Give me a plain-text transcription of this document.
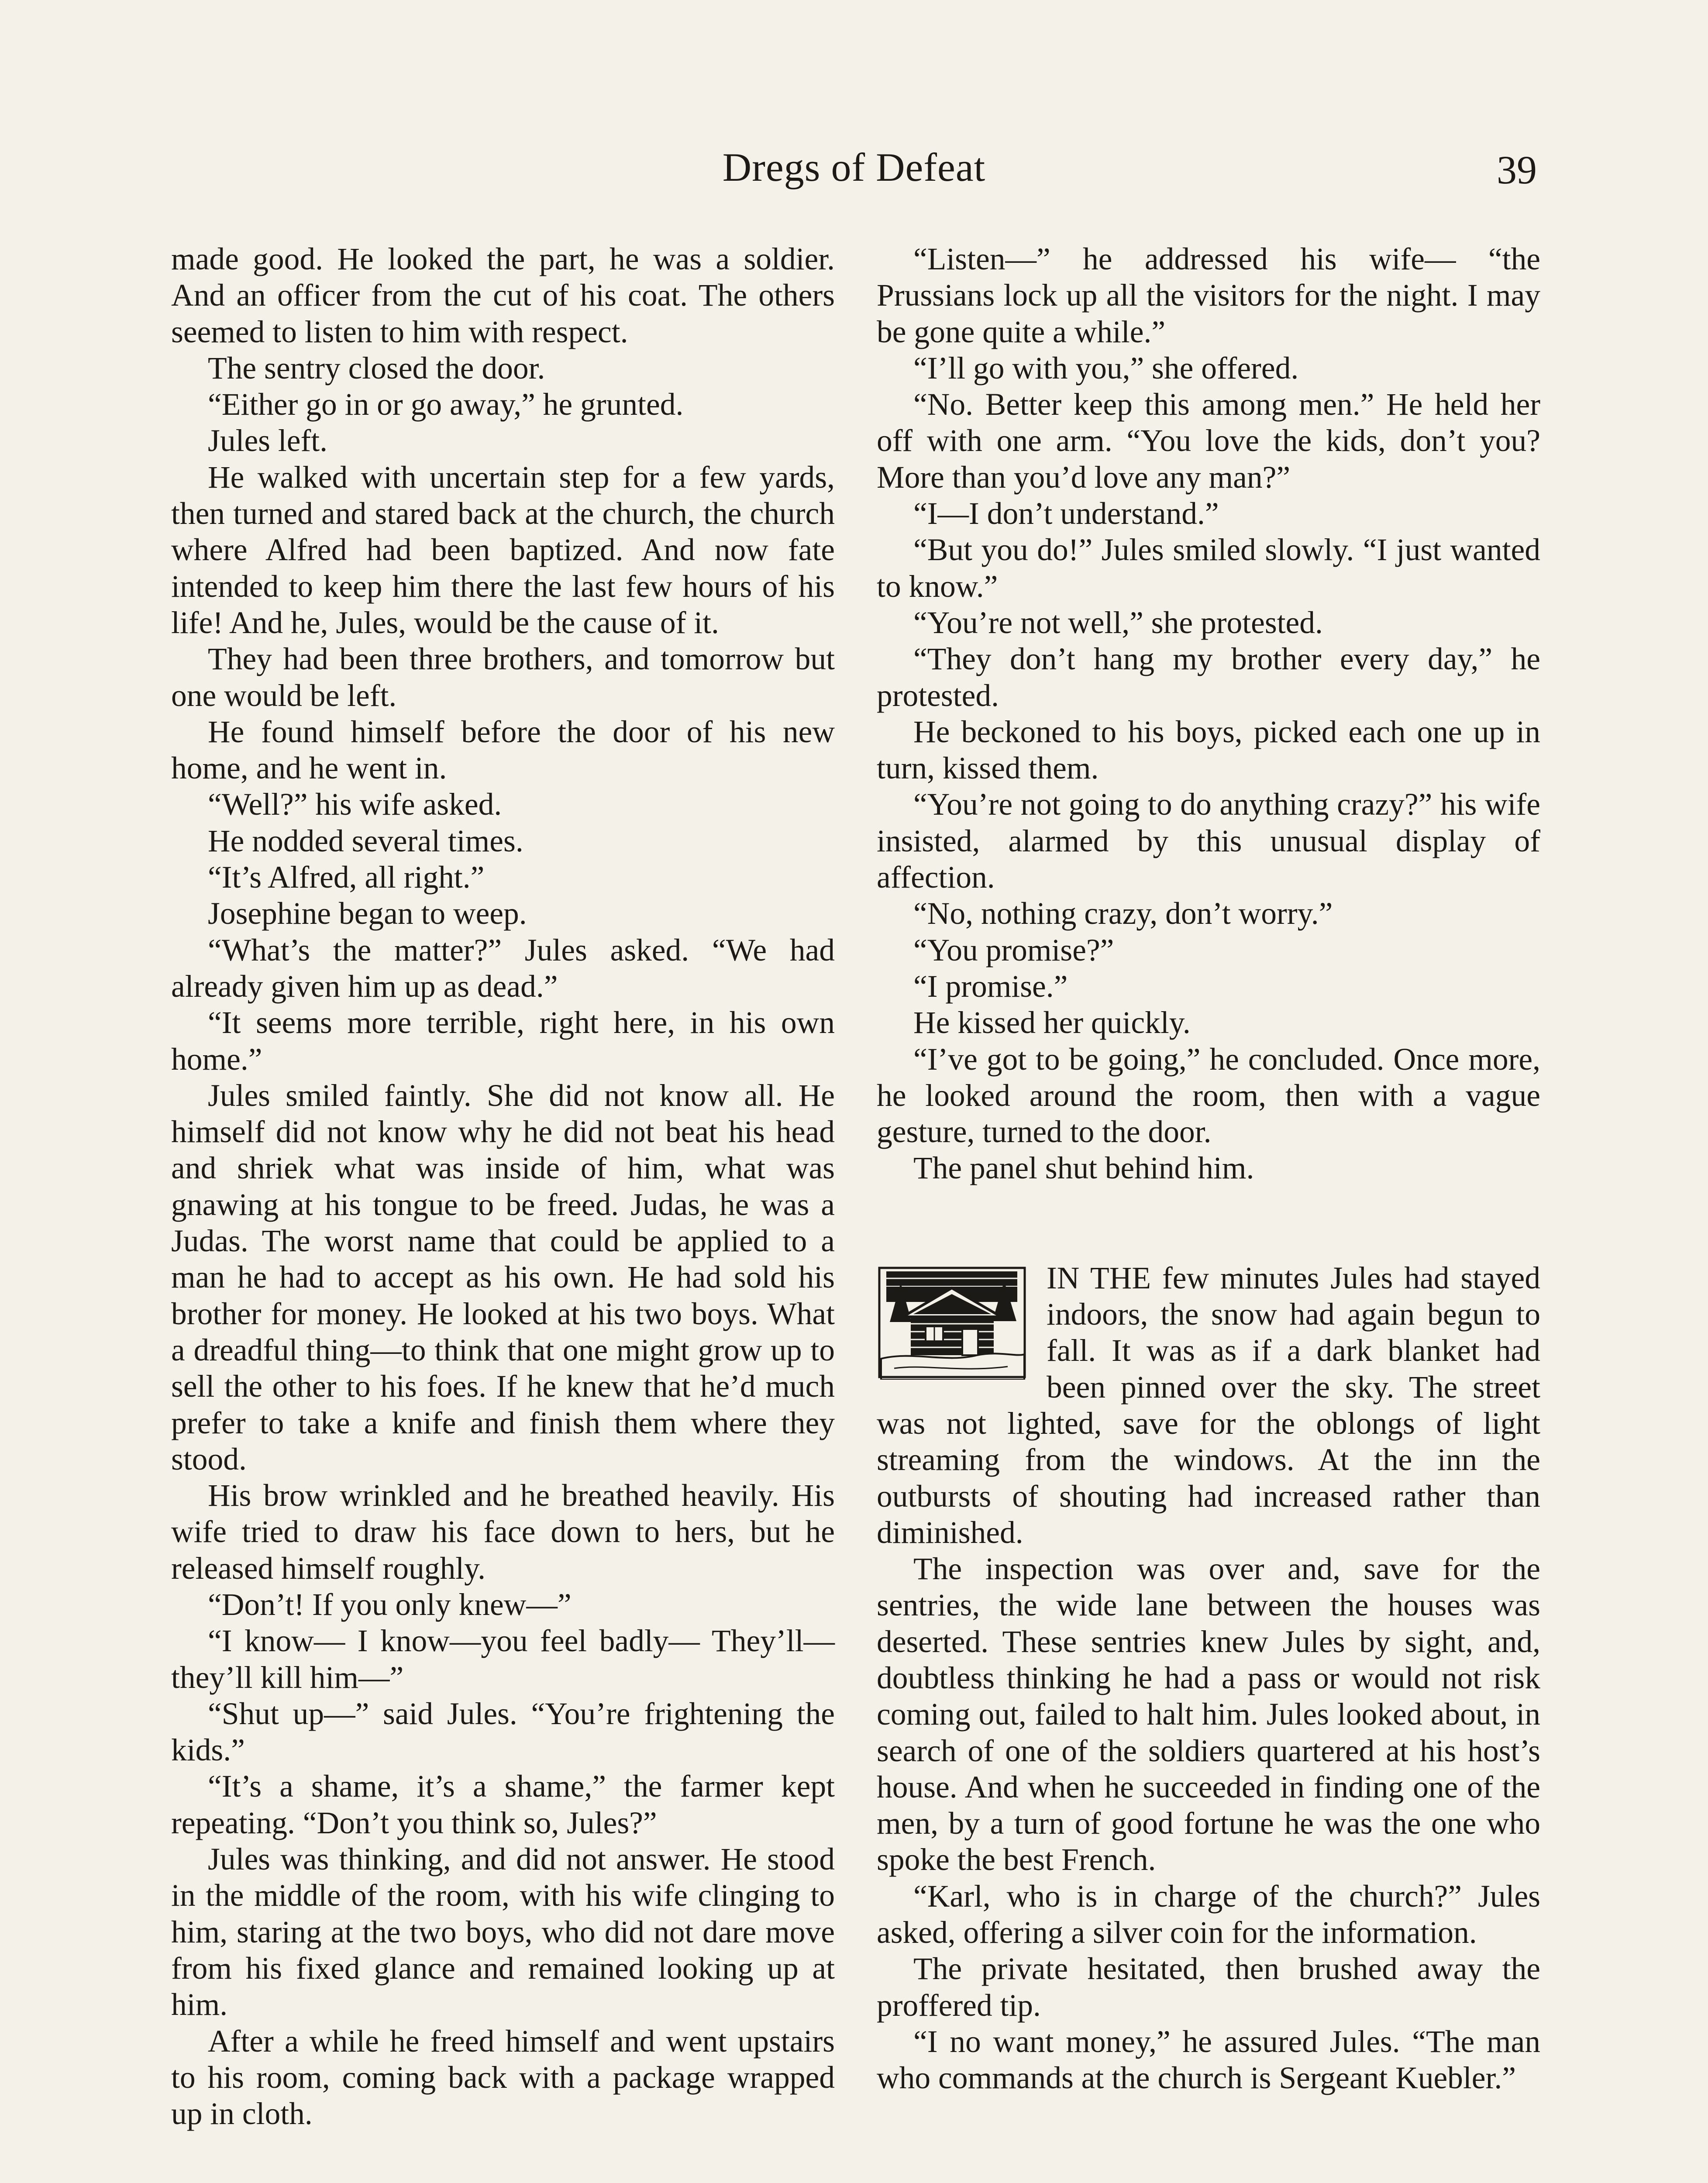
Dregs of Defeat	39

made good. He looked the part, he was a soldier. And an officer from the cut of his coat. The others seemed to listen to him with respect.

The sentry closed the door.

“Either go in or go away,” he grunted.

Jules left.

He walked with uncertain step for a few yards, then turned and stared back at the church, the church where Alfred had been baptized. And now fate intended to keep him there the last few hours of his life! And he, Jules, would be the cause of it.

They had been three brothers, and tomorrow but one would be left.

He found himself before the door of his new home, and he went in.

“Well?” his wife asked.

He nodded several times.

“It’s Alfred, all right.”

Josephine began to weep.

“What’s the matter?” Jules asked. “We had already given him up as dead.”

“It seems more terrible, right here, in his own home.”

Jules smiled faintly. She did not know all. He himself did not know why he did not beat his head and shriek what was inside of him, what was gnawing at his tongue to be freed. Judas, he was a Judas. The worst name that could be applied to a man he had to accept as his own. He had sold his brother for money. He looked at his two boys. What a dreadful thing—to think that one might grow up to sell the other to his foes. If he knew that he’d much prefer to take a knife and finish them where they stood.

His brow wrinkled and he breathed heavily. His wife tried to draw his face down to hers, but he released himself roughly.

“Don’t! If you only knew—”

“I know— I know—you feel badly— They’ll—they’ll kill him—”

“Shut up—” said Jules. “You’re frightening the kids.”

“It’s a shame, it’s a shame,” the farmer kept repeating. “Don’t you think so, Jules?”

Jules was thinking, and did not answer. He stood in the middle of the room, with his wife clinging to him, staring at the two boys, who did not dare move from his fixed glance and remained looking up at him.

After a while he freed himself and went upstairs to his room, coming back with a package wrapped up in cloth.

“Listen—” he addressed his wife— “the Prussians lock up all the visitors for the night. I may be gone quite a while.”

“I’ll go with you,” she offered.

“No. Better keep this among men.” He held her off with one arm. “You love the kids, don’t you? More than you’d love any man?”

“I—I don’t understand.”

“But you do!” Jules smiled slowly. “I just wanted to know.”

“You’re not well,” she protested.

“They don’t hang my brother every day,” he protested.

He beckoned to his boys, picked each one up in turn, kissed them.

“You’re not going to do anything crazy?” his wife insisted, alarmed by this unusual display of affection.

“No, nothing crazy, don’t worry.”

“You promise?”

“I promise.”

He kissed her quickly.

“I’ve got to be going,” he concluded. Once more, he looked around the room, then with a vague gesture, turned to the door.

The panel shut behind him.

IN THE few minutes Jules had stayed indoors, the snow had again begun to fall. It was as if a dark blanket had been pinned over the sky. The street was not lighted, save for the oblongs of light streaming from the windows. At the inn the outbursts of shouting had increased rather than diminished.

The inspection was over and, save for the sentries, the wide lane between the houses was deserted. These sentries knew Jules by sight, and, doubtless thinking he had a pass or would not risk coming out, failed to halt him. Jules looked about, in search of one of the soldiers quartered at his host’s house. And when he succeeded in finding one of the men, by a turn of good fortune he was the one who spoke the best French.

“Karl, who is in charge of the church?” Jules asked, offering a silver coin for the information.

The private hesitated, then brushed away the proffered tip.

“I no want money,” he assured Jules. “The man who commands at the church is Sergeant Kuebler.”
